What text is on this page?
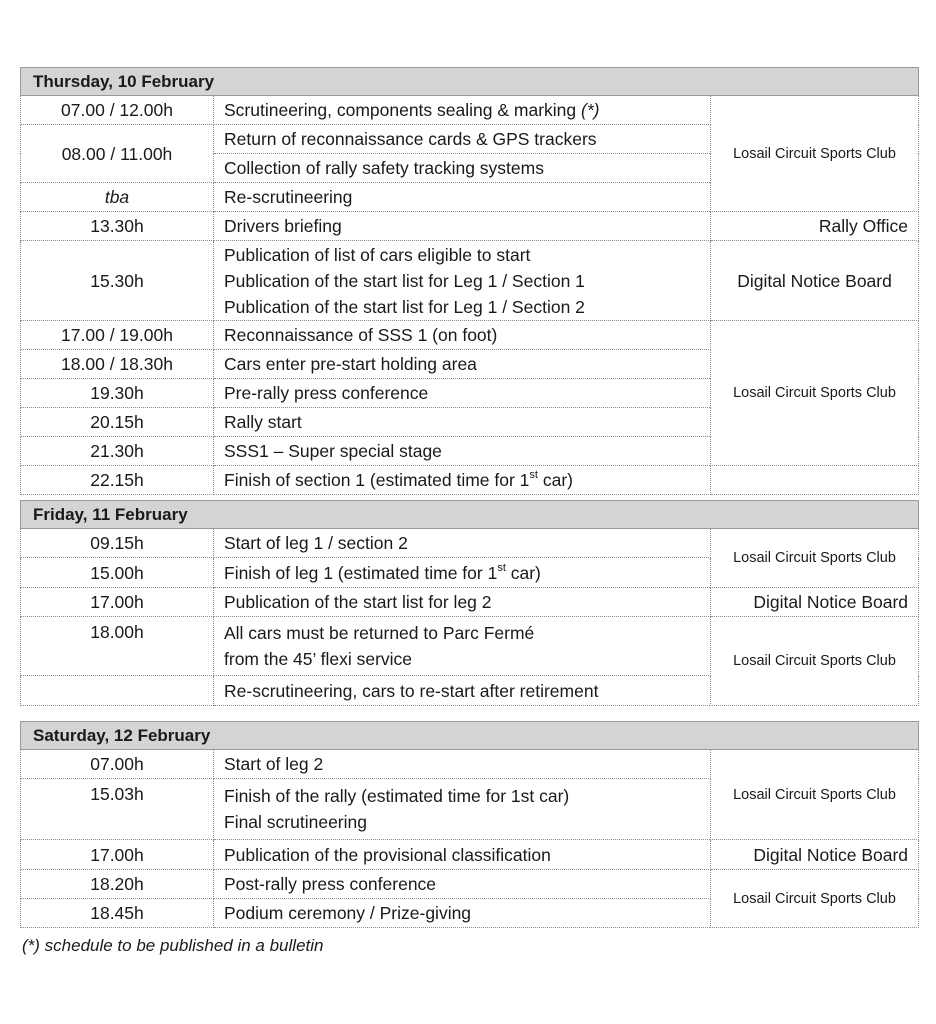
Thursday, 10 February		
07.00 / 12.00h	Scrutineering, components sealing & marking (*)	Losail Circuit Sports Club
08.00 / 11.00h	Return of reconnaissance cards & GPS trackers	
	Collection of rally safety tracking systems	
tba	Re-scrutineering	
13.30h	Drivers briefing	Rally Office
15.30h	Publication of list of cars eligible to start
Publication of the start list for Leg 1 / Section 1
Publication of the start list for Leg 1 / Section 2	Digital Notice Board
17.00 / 19.00h	Reconnaissance of SSS 1 (on foot)	Losail Circuit Sports Club
18.00 / 18.30h	Cars enter pre-start holding area	
19.30h	Pre-rally press conference	
20.15h	Rally start	
21.30h	SSS1 – Super special stage	
22.15h	Finish of section 1 (estimated time for 1st car)	
Friday, 11 February		
09.15h	Start of leg 1 / section 2	Losail Circuit Sports Club
15.00h	Finish of leg 1 (estimated time for 1st car)	
17.00h	Publication of the start list for leg 2	Digital Notice Board
18.00h	All cars must be returned to Parc Fermé
from the 45’ flexi service	Losail Circuit Sports Club
	Re-scrutineering, cars to re-start after retirement	
Saturday, 12 February		
07.00h	Start of leg 2	Losail Circuit Sports Club
15.03h	Finish of the rally (estimated time for 1st car)
Final scrutineering	

17.00h	Publication of the provisional classification	Digital Notice Board
18.20h	Post-rally press conference	Losail Circuit Sports Club
18.45h	Podium ceremony / Prize-giving	
(*) schedule to be published in a bulletin
